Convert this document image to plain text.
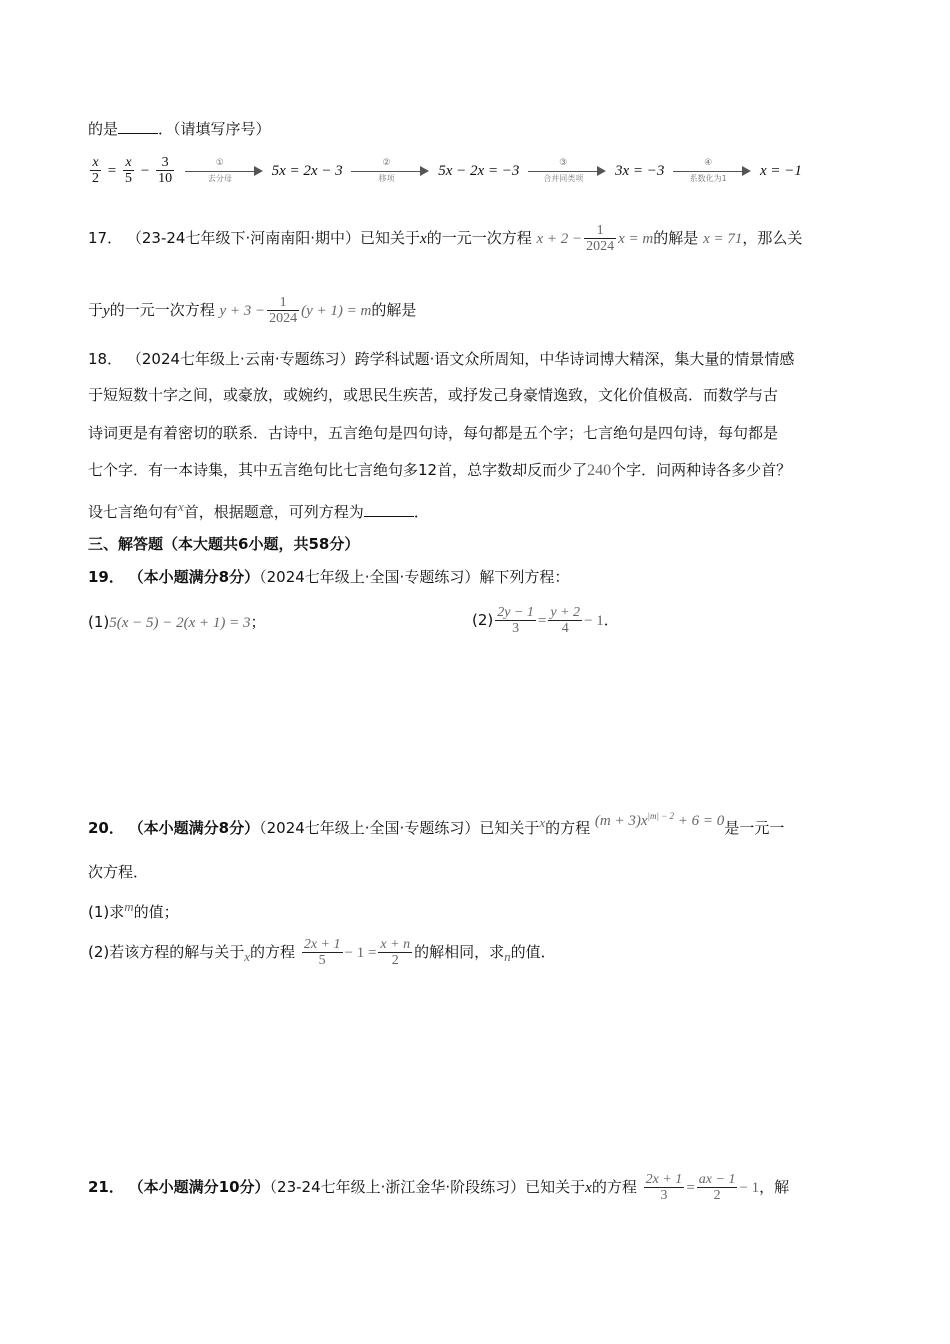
的是	．（请填写序号）
$\frac{x}{2} = \frac{x}{5} - \frac{3}{10}$
	①
去分母	5x = 2x − 3
②
移项	5x − 2x = −3
③
合并同类项	3x = −3
④
系数化为1	x = −1
17． （23-24七年级下·河南南阳·期中）已知关于x的一元一次方程 $x + 2 - \frac{1}{2024}$ x = m的解是 x = 71，那么关
于y的一元一次方程 $y + 3 - \frac{1}{2024} (y + 1) = m$的解是
18． （2024七年级上·云南·专题练习）跨学科试题·语文众所周知，中华诗词博大精深，集大量的情景情感
于短短数十字之间，或豪放，或婉约，或思民生疾苦，或抒发己身豪情逸致，文化价值极高．而数学与古
诗词更是有着密切的联系．古诗中，五言绝句是四句诗，每句都是五个字；七言绝句是四句诗，每句都是
七个字．有一本诗集，其中五言绝句比七言绝句多12首，总字数却反而少了240个字．问两种诗各多少首？
设七言绝句有x首，根据题意，可列方程为	．
三、解答题（本大题共6小题，共58分）
19． （本小题满分8分）（2024七年级上·全国·专题练习）解下列方程：
(1)5(x − 5) − 2(x + 1) = 3；	$(2) \frac{2y - 1}{3} = \frac{y + 2}{4} - 1$．
20． （本小题满分8分）（2024七年级上·全国·专题练习）已知关于x的方程 $(m + 3)x^{|m| - 2} + 6 = 0$是一元一
次方程．
(1)求m的值；
(2)若该方程的解与关于x的方程 $\frac{2x + 1}{5} - 1 = \frac{x + n}{2}$ 的解相同，求n的值．
21． （本小题满分10分）（23-24七年级上·浙江金华·阶段练习）已知关于x的方程 $\frac{2x + 1}{3} = \frac{ax - 1}{2} - 1$，解
